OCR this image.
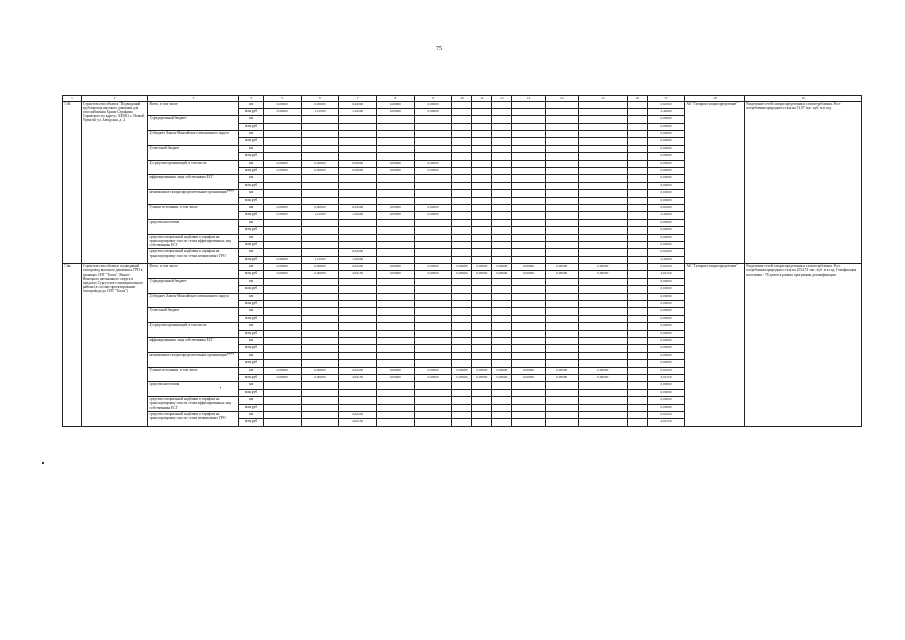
75
1	2	3	4	5	6	7	8	9	10	11	12	13	14	15	16	17	18	19
7.4б.	Строительство объекта "Подводящий трубопровод высокого давления для газоснабжения Храма Серафима Саровского по адресу: ХМАО, г. Новый Уренгой, ул. Заводская, д. 2.	Всего, в том числе	км	0,00000	0,00000	0,64500	0,00000	0,00000								0,64500	АО "Газпром газораспределение"	Разделение сетей газораспределения и газопотребления. Рост потребления природного газа на 51,97 тыс. куб. м в год.
			млн.руб	0,90000	1,21000	1,29200	0,00000	0,00000								3,40200		
		1) федеральный бюджет	км													0,00000		
			млн.руб													0,00000		
		2) бюджет Ханты-Мансийского автономного округа	км													0,00000		
			млн.руб													0,00000		
		3) местный бюджет	км													0,00000		
			млн.руб													0,00000		
		4) средства организаций, в том числе:	км	0,00000	0,00000	0,00000	0,00000	0,00000								0,00000		
			млн.руб	0,00000	0,00000	0,00000	0,00000	0,00000								0,00000		
		аффилированные лица собственника ЕСГ	км													0,00000		
			млн.руб													0,00000		
		независимые газораспределительные организации****	км													0,00000		
			млн.руб													0,00000		
		5) иные источники, в том числе	км	0,00000	0,00000	0,64500	0,00000	0,00000								0,64500		
			млн.руб	0,90000	1,21000	1,29200	0,00000	0,00000								3,40200		
		средства населения	км													0,00000		
			млн.руб													0,00000		
		средства специальной надбавки к тарифам на транспортировку газа по сетям аффилированных лиц собственника ЕСГ	км													0,00000		
			млн.руб													0,00000		
		средства специальной надбавки к тарифам на транспортировку газа по сетям независимых ГРО	км			0,64500										0,64500		
			млн.руб	0,90000	1,21000	1,29200										3,40200		
7.4в.	Строительство объекта: подводящий газопровод высокого давления к ГРП в границах СНТ "Топаз", Ямало-Ненецкого автономного округа в пределах Сургутского муниципального района (в составе проектирование газопровода до СНТ "Топаз")	Всего, в том числе	км	0,00000	0,00000	0,62250	0,00000	0,00000	0,00000	0,00000	0,00000	0,00000	0,00000	0,00000		0,62250	АО "Газпром газораспределение"	Разделение сетей газораспределения и газопотребления. Рост потребления природного газа на 1034,72 тыс. куб. м в год. Газификация населения - 78 домов в рамках программы догазификации
			млн.руб	0,00000	0,00000	4,92150	0,00000	0,00000	0,00000	0,00000	0,00000	0,00000	0,00000	0,00000		4,92150		
		1) федеральный бюджет	км													0,00000		
			млн.руб													0,00000		
		2) бюджет Ханты-Мансийского автономного округа	км													0,00000		
			млн.руб													0,00000		
		3) местный бюджет	км													0,00000		
			млн.руб													0,00000		
		4) средства организаций, в том числе:	км													0,00000		
			млн.руб													0,00000		
		аффилированные лица собственника ЕСГ	км													0,00000		
			млн.руб													0,00000		
		независимые газораспределительные организации****	км													0,00000		
			млн.руб													0,00000		
		5) иные источники, в том числе	км	0,00000	0,00000	0,62250	0,00000	0,00000	0,00000	0,00000	0,00000	0,00000	0,00000	0,00000		0,62250		
			млн.руб	0,00000	0,00000	4,92150	0,00000	0,00000	0,00000	0,00000	0,00000	0,00000	0,00000	0,00000		4,92150		
		средства населения	км													0,00000		
			млн.руб													0,00000		
		средства специальной надбавки к тарифам на транспортировку газа по сетям аффилированных лиц собственника ЕСГ	км													0,00000		
			млн.руб													0,00000		
		средства специальной надбавки к тарифам на транспортировку газа по сетям независимых ГРО	км			0,62250										0,62250		
			млн.руб			4,92150										4,92150		
